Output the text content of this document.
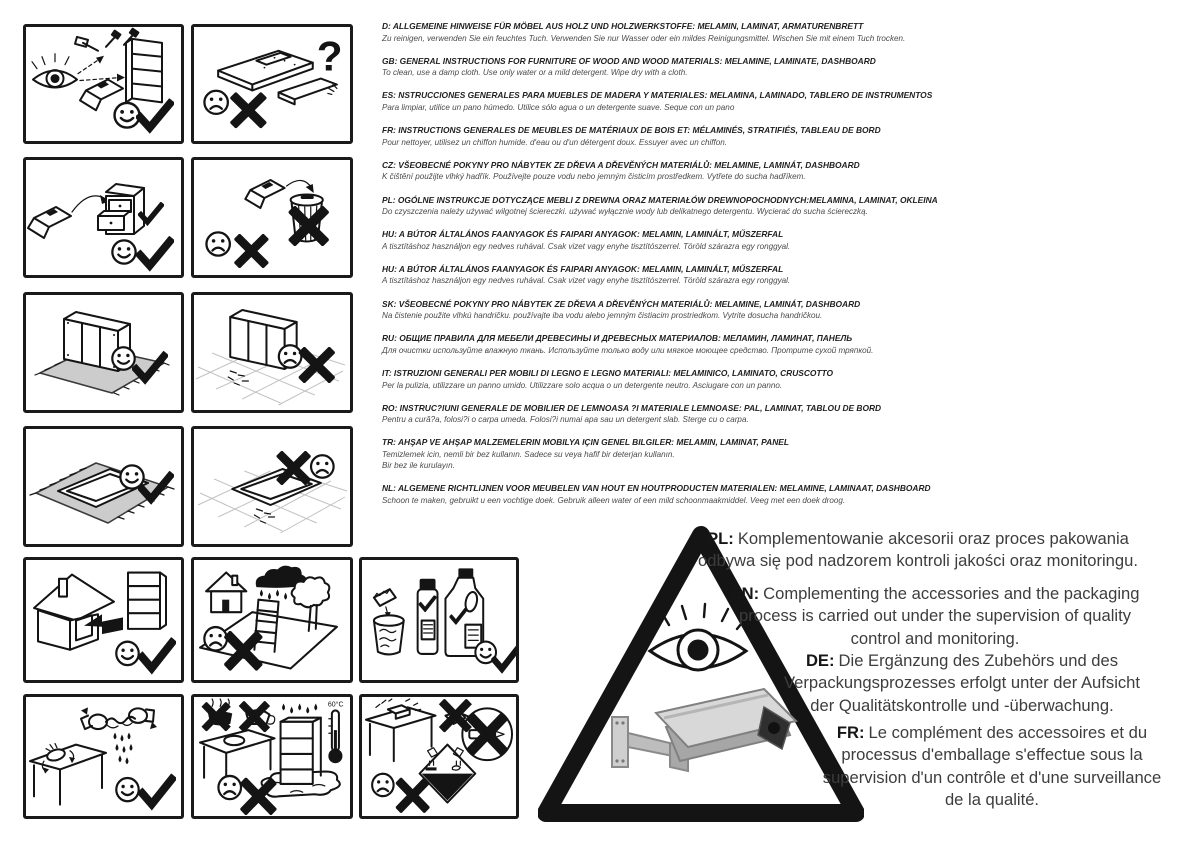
?
60°C
D: ALLGEMEINE HINWEISE FÜR MÖBEL AUS HOLZ UND HOLZWERKSTOFFE: MELAMIN, LAMINAT, ARMATURENBRETT
Zu reinigen, verwenden Sie ein feuchtes Tuch. Verwenden Sie nur Wasser oder ein mildes Reinigungsmittel. Wischen Sie mit einem Tuch trocken.
GB: GENERAL INSTRUCTIONS FOR FURNITURE OF WOOD AND WOOD MATERIALS: MELAMINE, LAMINATE, DASHBOARD
To clean, use a damp cloth. Use only water or a mild detergent. Wipe dry with a cloth.
ES: NSTRUCCIONES GENERALES PARA MUEBLES DE MADERA Y MATERIALES: MELAMINA, LAMINADO, TABLERO DE INSTRUMENTOS
Para limpiar, utilice un pano húmedo. Utilice sólo agua o un detergente suave. Seque con un pano
FR: INSTRUCTIONS GENERALES DE MEUBLES DE MATÉRIAUX DE BOIS ET: MÉLAMINÉS, STRATIFIÉS, TABLEAU DE BORD
Pour nettoyer, utilisez un chiffon humide. d'eau ou d'un détergent doux. Essuyer avec un chiffon.
CZ: VŠEOBECNÉ POKYNY PRO NÁBYTEK ZE DŘEVA A DŘEVĚNÝCH MATERIÁLŮ: MELAMINE, LAMINÁT, DASHBOARD
K čištění použijte vlhký hadřík. Používejte pouze vodu nebo jemným čisticím prostředkem. Vytřete do sucha hadříkem.
PL: OGÓLNE INSTRUKCJE DOTYCZĄCE MEBLI Z DREWNA ORAZ MATERIAŁÓW DREWNOPOCHODNYCH:MELAMINA, LAMINAT, OKLEINA
Do czyszczenia należy używać wilgotnej ściereczki. używać wyłącznie wody lub delikatnego detergentu. Wycierać do sucha ściereczką.
HU: A BÚTOR ÁLTALÁNOS FAANYAGOK ÉS FAIPARI ANYAGOK: MELAMIN, LAMINÁLT, MŰSZERFAL
A tisztításhoz használjon egy nedves ruhával. Csak vizet vagy enyhe tisztítószerrel. Töröld szárazra egy ronggyal.
HU: A BÚTOR ÁLTALÁNOS FAANYAGOK ÉS FAIPARI ANYAGOK: MELAMIN, LAMINÁLT, MŰSZERFAL
A tisztításhoz használjon egy nedves ruhával. Csak vizet vagy enyhe tisztítószerrel. Töröld szárazra egy ronggyal.
SK: VŠEOBECNÉ POKYNY PRO NÁBYTEK ZE DŘEVA A DŘEVĚNÝCH MATERIÁLŮ: MELAMINE, LAMINÁT, DASHBOARD
Na čistenie použite vlhkú handričku. používajte iba vodu alebo jemným čistiacim prostriedkom. Vytrite dosucha handričkou.
RU: ОБЩИЕ ПРАВИЛА ДЛЯ МЕБЕЛИ ДРЕВЕСИНЫ И ДРЕВЕСНЫХ МАТЕРИАЛОВ: МЕЛАМИН, ЛАМИНАТ, ПАНЕЛЬ
Для очистки используйте влажную ткань. Используйте только воду или мягкое моющее средство. Протрите сухой тряпкой.
IT: ISTRUZIONI GENERALI PER MOBILI DI LEGNO E LEGNO MATERIALI: MELAMINICO, LAMINATO, CRUSCOTTO
Per la pulizia, utilizzare un panno umido. Utilizzare solo acqua o un detergente neutro. Asciugare con un panno.
RO: INSTRUC?IUNI GENERALE DE MOBILIER DE LEMNOASA ?I MATERIALE LEMNOASE: PAL, LAMINAT, TABLOU DE BORD
Pentru a cură?a, folosi?i o carpa umeda. Folosi?i numai apa sau un detergent slab. Sterge cu o carpa.
TR: AHŞAP VE AHŞAP MALZEMELERIN MOBILYA IÇIN GENEL BILGILER: MELAMIN, LAMINAT, PANEL
Temizlemek icin, nemli bir bez kullanın. Sadece su veya hafif bir deterjan kullanın.
Bir bez ile kurulayın.
NL: ALGEMENE RICHTLIJNEN VOOR MEUBELEN VAN HOUT EN HOUTPRODUCTEN MATERIALEN: MELAMINE, LAMINAAT, DASHBOARD
Schoon te maken, gebruikt u een vochtige doek. Gebruik alleen water of een mild schoonmaakmiddel. Veeg met een doek droog.
PL: Komplementowanie akcesorii oraz proces pakowania
odbywa się pod nadzorem kontroli jakości oraz monitoringu.
EN: Complementing the accessories and the packaging
process is carried out under the supervision of quality
control and monitoring.
DE: Die Ergänzung des Zubehörs und des
Verpackungsprozesses erfolgt unter der Aufsicht
der Qualitätskontrolle und -überwachung.
FR: Le complément des accessoires et du
processus d'emballage s'effectue sous la
supervision d'un contrôle et d'une surveillance
de la qualité.
